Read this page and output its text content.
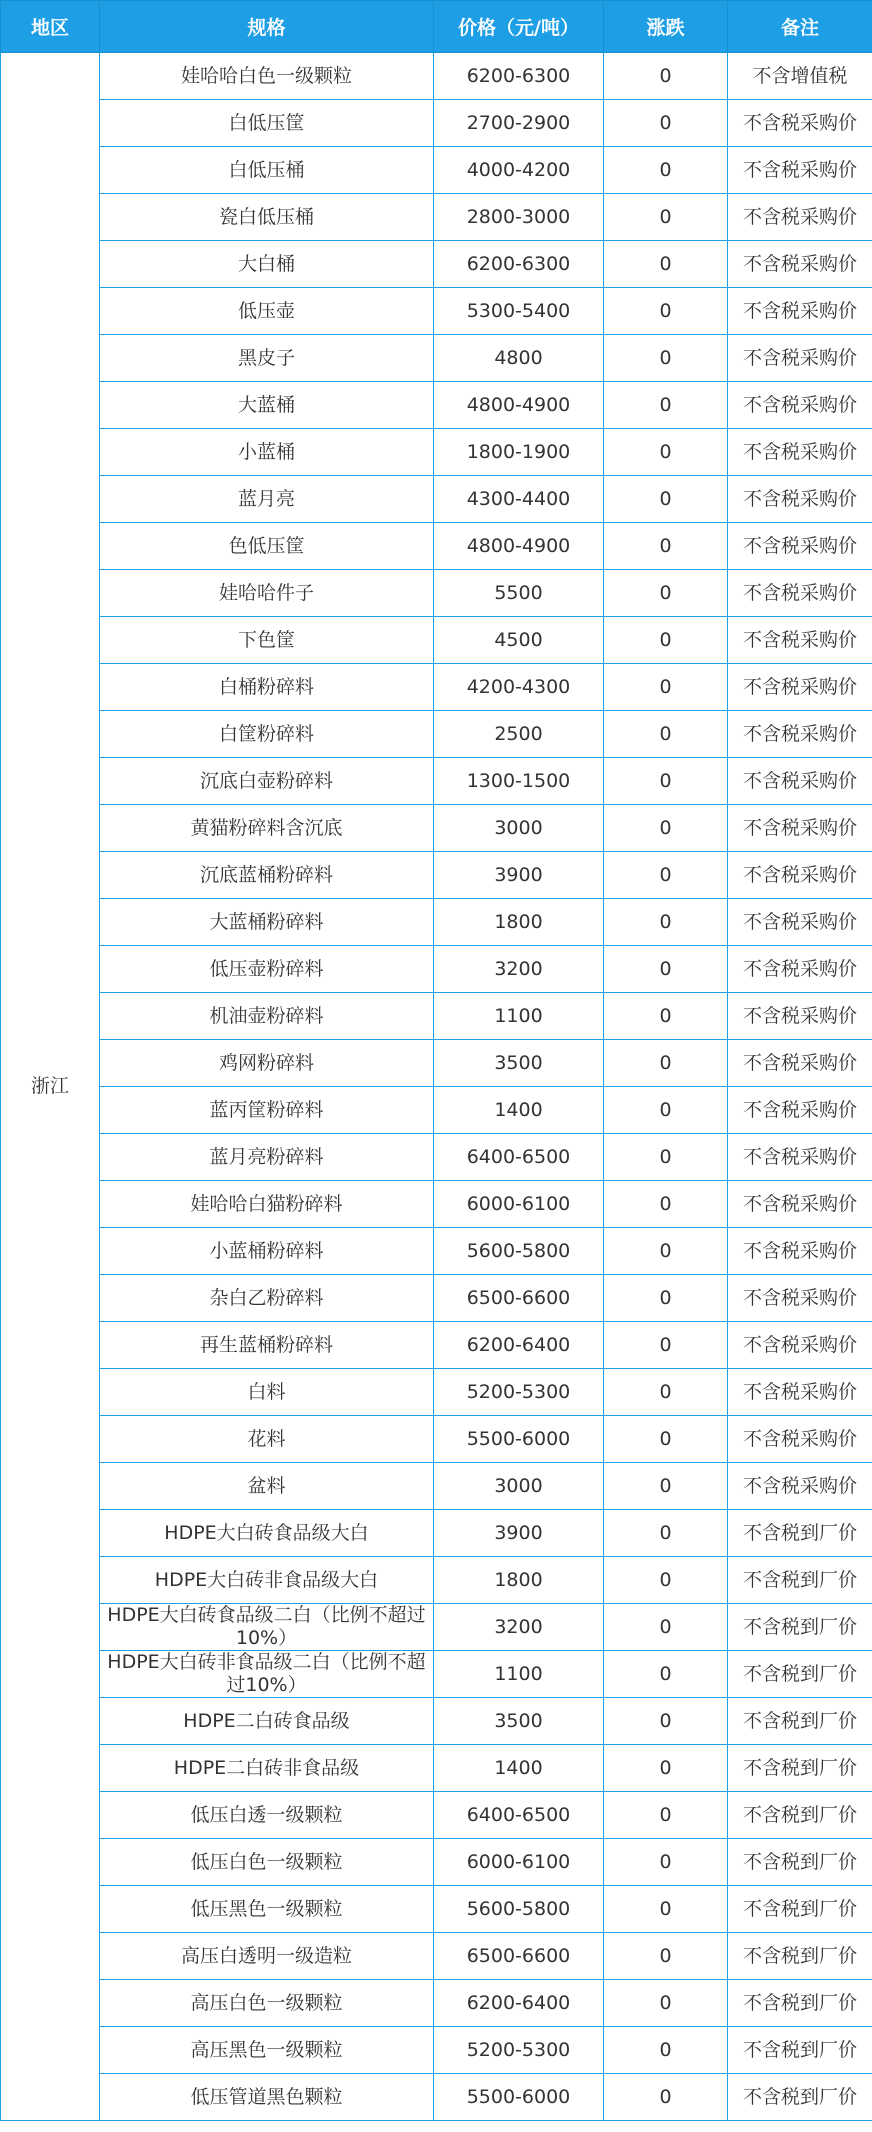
地区	规格	价格（元/吨）	涨跌	备注
浙江	娃哈哈白色一级颗粒	6200-6300	0	不含增值税
	白低压筐	2700-2900	0	不含税采购价
	白低压桶	4000-4200	0	不含税采购价
	瓷白低压桶	2800-3000	0	不含税采购价
	大白桶	6200-6300	0	不含税采购价
	低压壶	5300-5400	0	不含税采购价
	黑皮子	4800	0	不含税采购价
	大蓝桶	4800-4900	0	不含税采购价
	小蓝桶	1800-1900	0	不含税采购价
	蓝月亮	4300-4400	0	不含税采购价
	色低压筐	4800-4900	0	不含税采购价
	娃哈哈件子	5500	0	不含税采购价
	下色筐	4500	0	不含税采购价
	白桶粉碎料	4200-4300	0	不含税采购价
	白筐粉碎料	2500	0	不含税采购价
	沉底白壶粉碎料	1300-1500	0	不含税采购价
	黄猫粉碎料含沉底	3000	0	不含税采购价
	沉底蓝桶粉碎料	3900	0	不含税采购价
	大蓝桶粉碎料	1800	0	不含税采购价
	低压壶粉碎料	3200	0	不含税采购价
	机油壶粉碎料	1100	0	不含税采购价
	鸡网粉碎料	3500	0	不含税采购价
	蓝丙筐粉碎料	1400	0	不含税采购价
	蓝月亮粉碎料	6400-6500	0	不含税采购价
	娃哈哈白猫粉碎料	6000-6100	0	不含税采购价
	小蓝桶粉碎料	5600-5800	0	不含税采购价
	杂白乙粉碎料	6500-6600	0	不含税采购价
	再生蓝桶粉碎料	6200-6400	0	不含税采购价
	白料	5200-5300	0	不含税采购价
	花料	5500-6000	0	不含税采购价
	盆料	3000	0	不含税采购价
	HDPE大白砖食品级大白	3900	0	不含税到厂价
	HDPE大白砖非食品级大白	1800	0	不含税到厂价
	HDPE大白砖食品级二白（比例不超过10%）	3200	0	不含税到厂价
	HDPE大白砖非食品级二白（比例不超过10%）	1100	0	不含税到厂价
	HDPE二白砖食品级	3500	0	不含税到厂价
	HDPE二白砖非食品级	1400	0	不含税到厂价
	低压白透一级颗粒	6400-6500	0	不含税到厂价
	低压白色一级颗粒	6000-6100	0	不含税到厂价
	低压黑色一级颗粒	5600-5800	0	不含税到厂价
	高压白透明一级造粒	6500-6600	0	不含税到厂价
	高压白色一级颗粒	6200-6400	0	不含税到厂价
	高压黑色一级颗粒	5200-5300	0	不含税到厂价
	低压管道黑色颗粒	5500-6000	0	不含税到厂价
